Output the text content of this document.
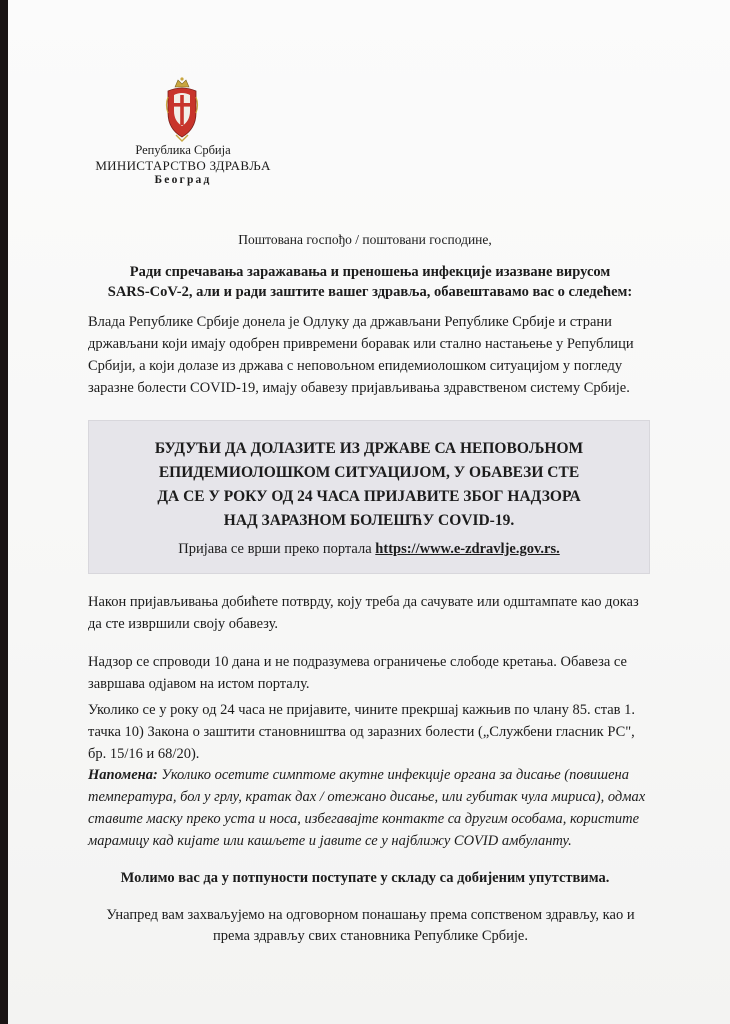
Република Србија
МИНИСТАРСТВО ЗДРАВЉА
Београд
Поштована госпођо / поштовани господине,
Ради спречавања заражавања и преношења инфекције изазване вирусом
SARS-CoV-2, али и ради заштите вашег здравља, обавештавамо вас о следећем:
Влада Републике Србије донела је Одлуку да држављани Републике Србије и страни
држављани који имају одобрен привремени боравак или стално настањење у Републици
Србији, а који долазе из држава с неповољном епидемиолошком ситуацијом у погледу
заразне болести COVID-19, имају обавезу пријављивања здравственом систему Србије.
БУДУЋИ ДА ДОЛАЗИТЕ ИЗ ДРЖАВЕ СА НЕПОВОЉНОМ
ЕПИДЕМИОЛОШКОМ СИТУАЦИЈОМ, У ОБАВЕЗИ СТЕ
ДА СЕ У РОКУ ОД 24 ЧАСА ПРИЈАВИТЕ ЗБОГ НАДЗОРА
НАД ЗАРАЗНОМ БОЛЕШЋУ COVID-19.
Пријава се врши преко портала https://www.e-zdravlje.gov.rs.
Након пријављивања добићете потврду, коју треба да сачувате или одштампате као доказ
да сте извршили своју обавезу.
Надзор се спроводи 10 дана и не подразумева ограничење слободе кретања. Обавеза се
завршава одјавом на истом порталу.
Уколико се у року од 24 часа не пријавите, чините прекршај кажњив по члану 85. став 1.
тачка 10) Закона о заштити становништва од заразних болести („Службени гласник РС",
бр. 15/16 и 68/20).
Напомена: Уколико осетите симптоме акутне инфекције органа за дисање (повишена
температура, бол у грлу, кратак дах / отежано дисање, или губитак чула мириса), одмах
ставите маску преко уста и носа, избегавајте контакте са другим особама, користите
марамицу кад кијате или кашљете и јавите се у најближу COVID амбуланту.
Молимо вас да у потпуности поступате у складу са добијеним упутствима.
Унапред вам захваљујемо на одговорном понашању према сопственом здрављу, као и
према здрављу свих становника Републике Србије.
